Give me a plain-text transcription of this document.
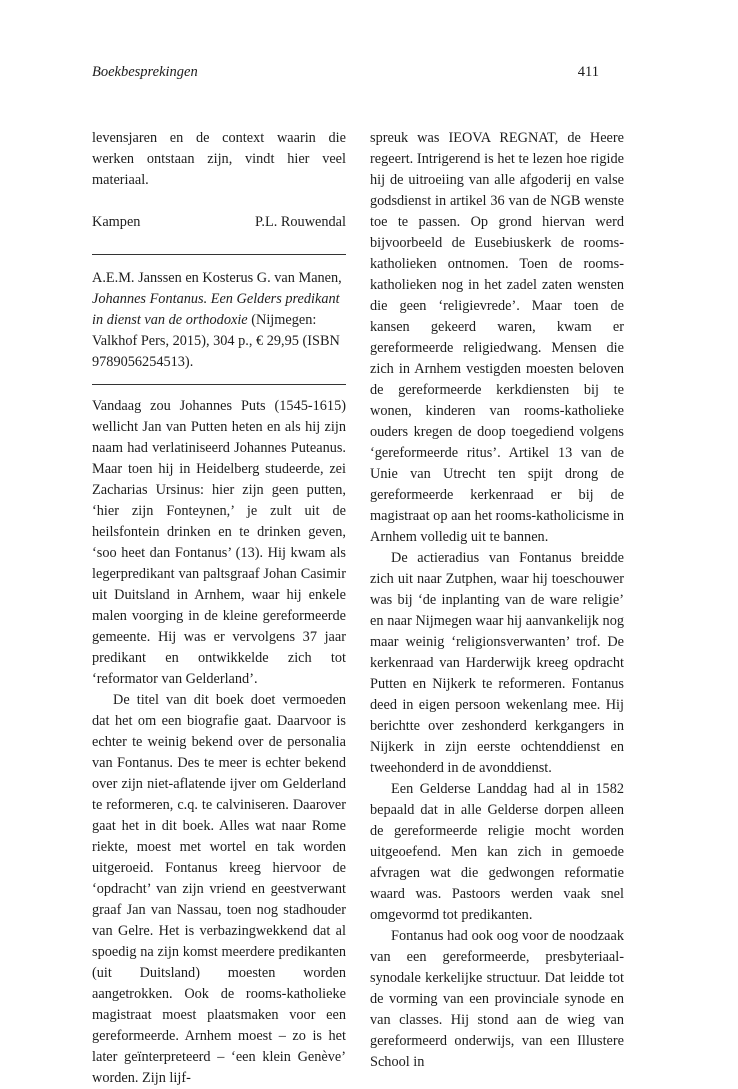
Boekbesprekingen	411

levensjaren en de context waarin die werken ontstaan zijn, vindt hier veel materiaal.

Kampen	P.L. Rouwendal

A.E.M. Janssen en Kosterus G. van Manen, Johannes Fontanus. Een Gelders predikant in dienst van de orthodoxie (Nijmegen: Valkhof Pers, 2015), 304 p., € 29,95 (ISBN 9789056254513).

Vandaag zou Johannes Puts (1545-1615) wellicht Jan van Putten heten en als hij zijn naam had verlatiniseerd Johannes Puteanus. Maar toen hij in Heidelberg studeerde, zei Zacharias Ursinus: hier zijn geen putten, ‘hier zijn Fonteynen,’ je zult uit de heilsfontein drinken en te drinken geven, ‘soo heet dan Fontanus’ (13). Hij kwam als legerpredikant van paltsgraaf Johan Casimir uit Duitsland in Arnhem, waar hij enkele malen voorging in de kleine gereformeerde gemeente. Hij was er vervolgens 37 jaar predikant en ontwikkelde zich tot ‘reformator van Gelderland’.

De titel van dit boek doet vermoeden dat het om een biografie gaat. Daarvoor is echter te weinig bekend over de personalia van Fontanus. Des te meer is echter bekend over zijn niet-aflatende ijver om Gelderland te reformeren, c.q. te calviniseren. Daarover gaat het in dit boek. Alles wat naar Rome riekte, moest met wortel en tak worden uitgeroeid. Fontanus kreeg hiervoor de ‘opdracht’ van zijn vriend en geestverwant graaf Jan van Nassau, toen nog stadhouder van Gelre. Het is verbazingwekkend dat al spoedig na zijn komst meerdere predikanten (uit Duitsland) moesten worden aangetrokken. Ook de rooms-katholieke magistraat moest plaatsmaken voor een gereformeerde. Arnhem moest – zo is het later geïnterpreteerd – ‘een klein Genève’ worden. Zijn lijf-

spreuk was IEOVA REGNAT, de Heere regeert. Intrigerend is het te lezen hoe rigide hij de uitroeiing van alle afgoderij en valse godsdienst in artikel 36 van de NGB wenste toe te passen. Op grond hiervan werd bijvoorbeeld de Eusebiuskerk de rooms-katholieken ontnomen. Toen de rooms-katholieken nog in het zadel zaten wensten die geen ‘religievrede’. Maar toen de kansen gekeerd waren, kwam er gereformeerde religiedwang. Mensen die zich in Arnhem vestigden moesten beloven de gereformeerde kerkdiensten bij te wonen, kinderen van rooms-katholieke ouders kregen de doop toegediend volgens ‘gereformeerde ritus’. Artikel 13 van de Unie van Utrecht ten spijt drong de gereformeerde kerkenraad er bij de magistraat op aan het rooms-katholicisme in Arnhem volledig uit te bannen.

De actieradius van Fontanus breidde zich uit naar Zutphen, waar hij toeschouwer was bij ‘de inplanting van de ware religie’ en naar Nijmegen waar hij aanvankelijk nog maar weinig ‘religionsverwanten’ trof. De kerkenraad van Harderwijk kreeg opdracht Putten en Nijkerk te reformeren. Fontanus deed in eigen persoon wekenlang mee. Hij berichtte over zeshonderd kerkgangers in Nijkerk in zijn eerste ochtenddienst en tweehonderd in de avonddienst.

Een Gelderse Landdag had al in 1582 bepaald dat in alle Gelderse dorpen alleen de gereformeerde religie mocht worden uitgeoefend. Men kan zich in gemoede afvragen wat die gedwongen reformatie waard was. Pastoors werden vaak snel omgevormd tot predikanten.

Fontanus had ook oog voor de noodzaak van een gereformeerde, presbyteriaal-synodale kerkelijke structuur. Dat leidde tot de vorming van een provinciale synode en van classes. Hij stond aan de wieg van gereformeerd onderwijs, van een Illustere School in
